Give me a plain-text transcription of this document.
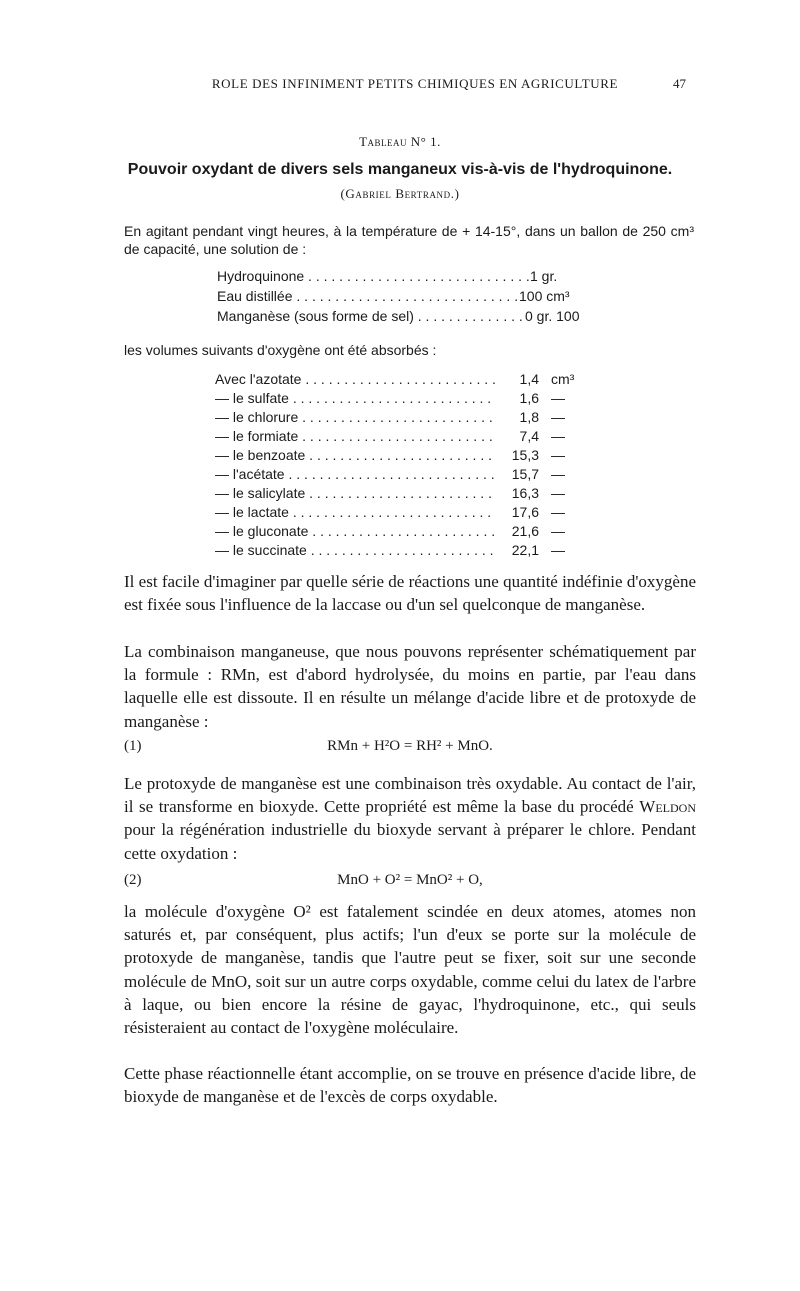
ROLE DES INFINIMENT PETITS CHIMIQUES EN AGRICULTURE	47
Tableau N° 1.
Pouvoir oxydant de divers sels manganeux vis-à-vis de l'hydroquinone.
(Gabriel Bertrand.)
En agitant pendant vingt heures, à la température de + 14-15°, dans un ballon de 250 cm³ de capacité, une solution de :
Hydroquinone . . .	1 gr.
Eau distillée . . .	100 cm³
Manganèse (sous forme de sel) . . .	0 gr. 100
les volumes suivants d'oxygène ont été absorbés :
Avec l'azotate . . .	1,4 cm³
— le sulfate . . .	1,6 —
— le chlorure . . .	1,8 —
— le formiate . . .	7,4 —
— le benzoate . . .	15,3 —
— l'acétate . . .	15,7 —
— le salicylate . . .	16,3 —
— le lactate . . .	17,6 —
— le gluconate . . .	21,6 —
— le succinate . . .	22,1 —

Il est facile d'imaginer par quelle série de réactions une quantité indéfinie d'oxygène est fixée sous l'influence de la laccase ou d'un sel quelconque de manganèse.

La combinaison manganeuse, que nous pouvons représenter schématiquement par la formule : RMn, est d'abord hydrolysée, du moins en partie, par l'eau dans laquelle elle est dissoute. Il en résulte un mélange d'acide libre et de protoxyde de manganèse :

(1)	RMn + H²O = RH² + MnO.

Le protoxyde de manganèse est une combinaison très oxydable. Au contact de l'air, il se transforme en bioxyde. Cette propriété est même la base du procédé Weldon pour la régénération industrielle du bioxyde servant à préparer le chlore. Pendant cette oxydation :

(2)	MnO + O² = MnO² + O,

la molécule d'oxygène O² est fatalement scindée en deux atomes, atomes non saturés et, par conséquent, plus actifs; l'un d'eux se porte sur la molécule de protoxyde de manganèse, tandis que l'autre peut se fixer, soit sur une seconde molécule de MnO, soit sur un autre corps oxydable, comme celui du latex de l'arbre à laque, ou bien encore la résine de gayac, l'hydroquinone, etc., qui seuls résisteraient au contact de l'oxygène moléculaire.

Cette phase réactionnelle étant accomplie, on se trouve en présence d'acide libre, de bioxyde de manganèse et de l'excès de corps oxydable.
